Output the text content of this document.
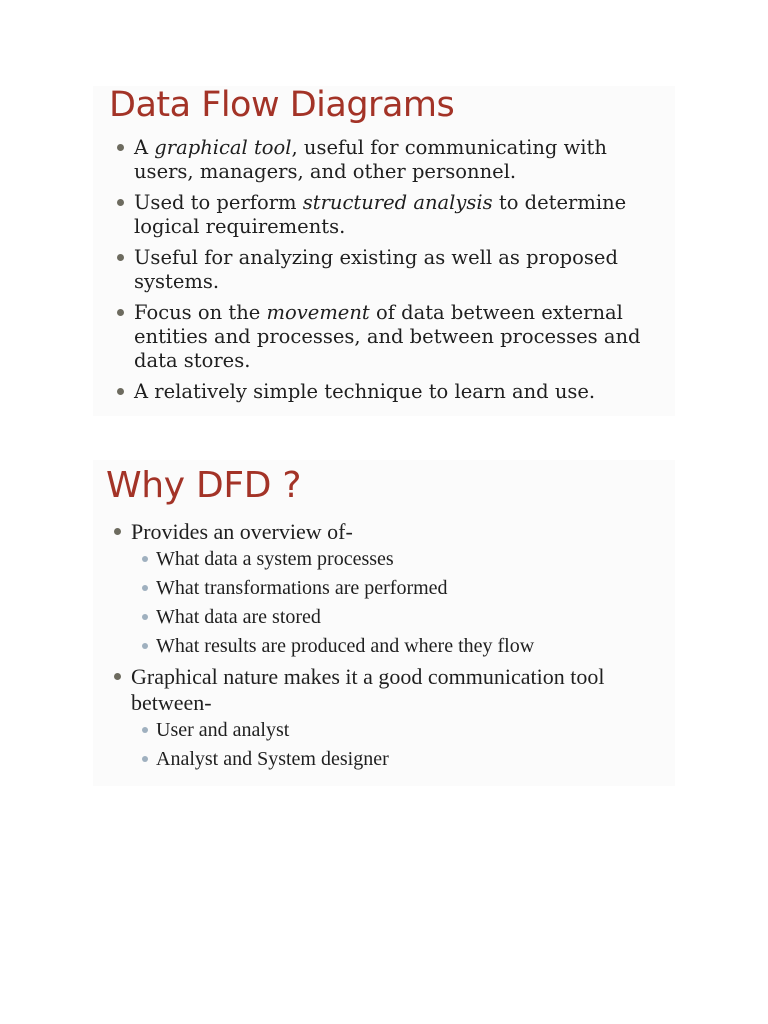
Data Flow Diagrams
A graphical tool, useful for communicating with users, managers, and other personnel.
Used to perform structured analysis to determine logical requirements.
Useful for analyzing existing as well as proposed systems.
Focus on the movement of data between external entities and processes, and between processes and data stores.
A relatively simple technique to learn and use.
Why DFD ?
Provides an overview of-
What data a system processes
What transformations are performed
What data are stored
What results are produced and where they flow
Graphical nature makes it a good communication tool between-
User and analyst
Analyst and System designer
